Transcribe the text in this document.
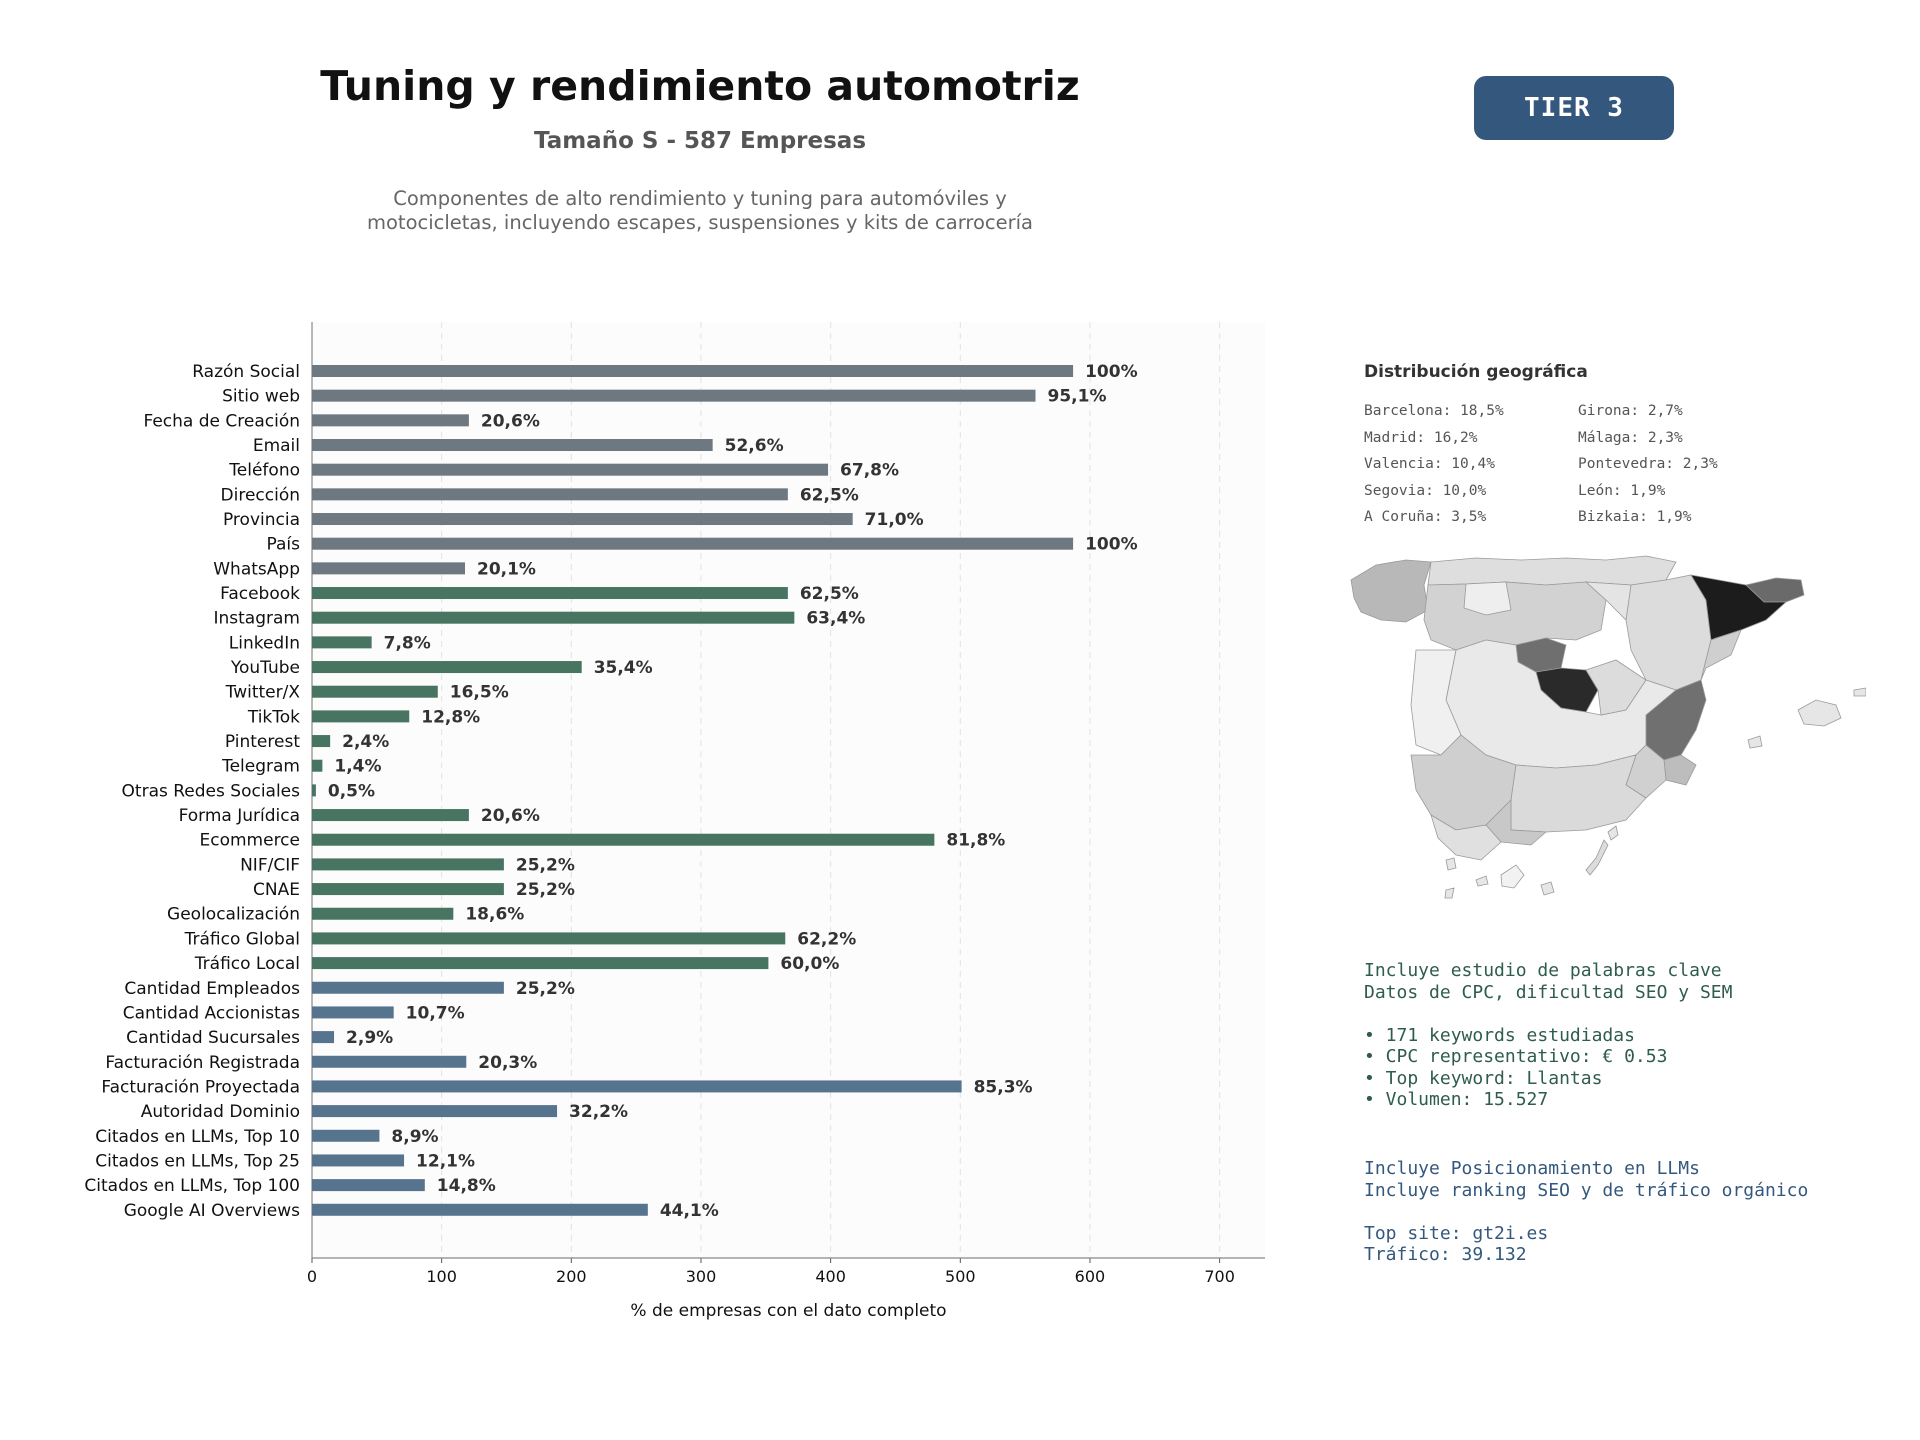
Tuning y rendimiento automotriz
Tamaño S - 587 Empresas
Componentes de alto rendimiento y tuning para automóviles y
motocicletas, incluyendo escapes, suspensiones y kits de carrocería
TIER 3
0	100	200	300	400	500	600	700
% de empresas con el dato completo
Razón Social	100%
Sitio web	95,1%
Fecha de Creación	20,6%
Email	52,6%
Teléfono	67,8%
Dirección	62,5%
Provincia	71,0%
País	100%
WhatsApp	20,1%
Facebook	62,5%
Instagram	63,4%
LinkedIn	7,8%
YouTube	35,4%
Twitter/X	16,5%
TikTok	12,8%
Pinterest 2,4%
Telegram 1,4%
Otras Redes Sociales 0,5%
Forma Jurídica	20,6%
Ecommerce	81,8%
NIF/CIF	25,2%
CNAE	25,2%
Geolocalización	18,6%
Tráfico Global	62,2%
Tráfico Local	60,0%
Cantidad Empleados	25,2%
Cantidad Accionistas	10,7%
Cantidad Sucursales	2,9%
Facturación Registrada	20,3%
Facturación Proyectada	85,3%
Autoridad Dominio	32,2%
Citados en LLMs, Top 10	8,9%
Citados en LLMs, Top 25	12,1%
Citados en LLMs, Top 100	14,8%
Google AI Overviews	44,1%
Distribución geográfica
Barcelona: 18,5%	Girona: 2,7%
Madrid: 16,2%	Málaga: 2,3%
Valencia: 10,4%	Pontevedra: 2,3%
Segovia: 10,0%	León: 1,9%
A Coruña: 3,5%	Bizkaia: 1,9%
Incluye estudio de palabras clave
Datos de CPC, dificultad SEO y SEM
• 171 keywords estudiadas
• CPC representativo: € 0.53
• Top keyword: Llantas
• Volumen: 15.527
Incluye Posicionamiento en LLMs
Incluye ranking SEO y de tráfico orgánico
Top site: gt2i.es
Tráfico: 39.132
